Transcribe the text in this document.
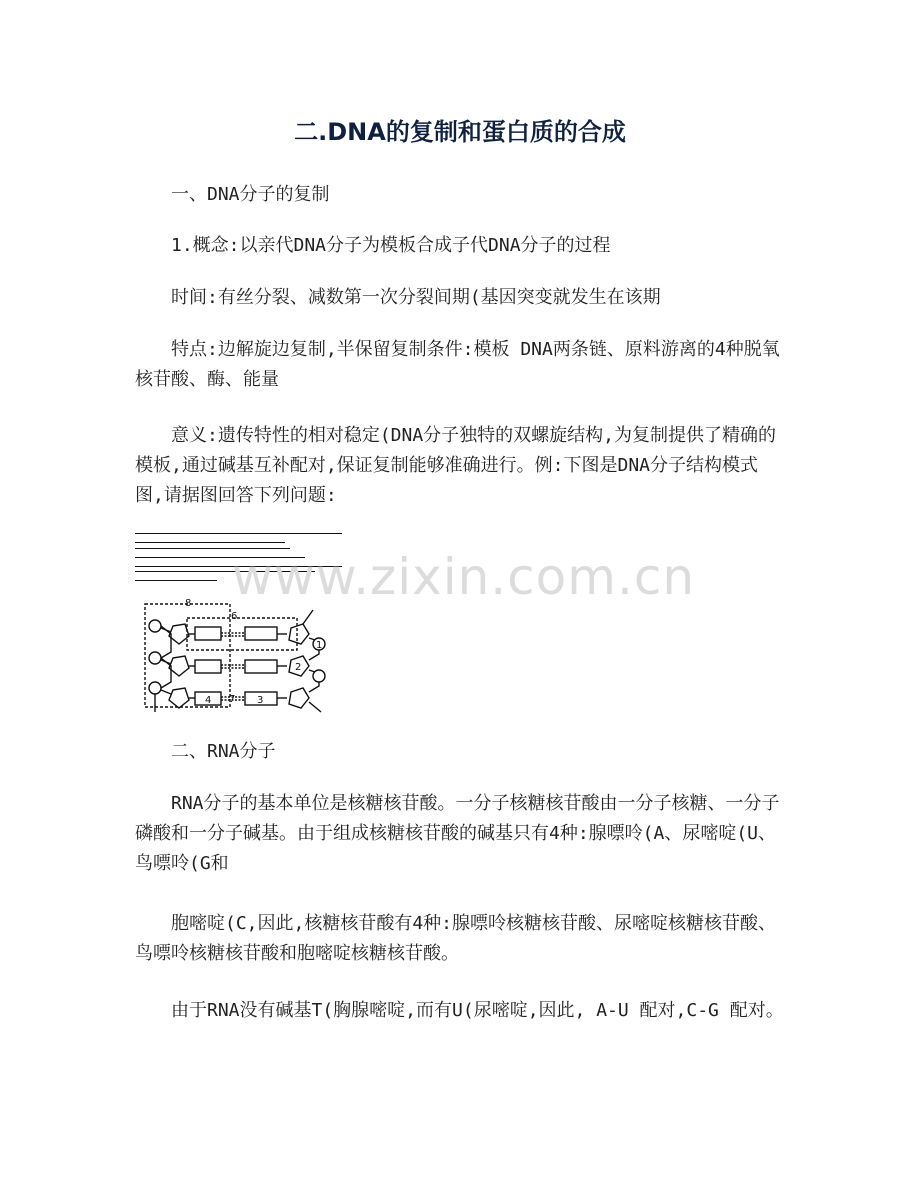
二.DNA的复制和蛋白质的合成

一、DNA分子的复制

1.概念:以亲代DNA分子为模板合成子代DNA分子的过程

时间:有丝分裂、减数第一次分裂间期(基因突变就发生在该期

特点:边解旋边复制,半保留复制条件:模板 DNA两条链、原料游离的4种脱氧核苷酸、酶、能量

意义:遗传特性的相对稳定(DNA分子独特的双螺旋结构,为复制提供了精确的模板,通过碱基互补配对,保证复制能够准确进行。例:下图是DNA分子结构模式图,请据图回答下列问题:

www.zixin.com.cn
8
6
1
2
4 7 3

二、RNA分子

RNA分子的基本单位是核糖核苷酸。一分子核糖核苷酸由一分子核糖、一分子磷酸和一分子碱基。由于组成核糖核苷酸的碱基只有4种:腺嘌呤(A、尿嘧啶(U、鸟嘌呤(G和

胞嘧啶(C,因此,核糖核苷酸有4种:腺嘌呤核糖核苷酸、尿嘧啶核糖核苷酸、鸟嘌呤核糖核苷酸和胞嘧啶核糖核苷酸。

由于RNA没有碱基T(胸腺嘧啶,而有U(尿嘧啶,因此, A-U 配对,C-G 配对。
